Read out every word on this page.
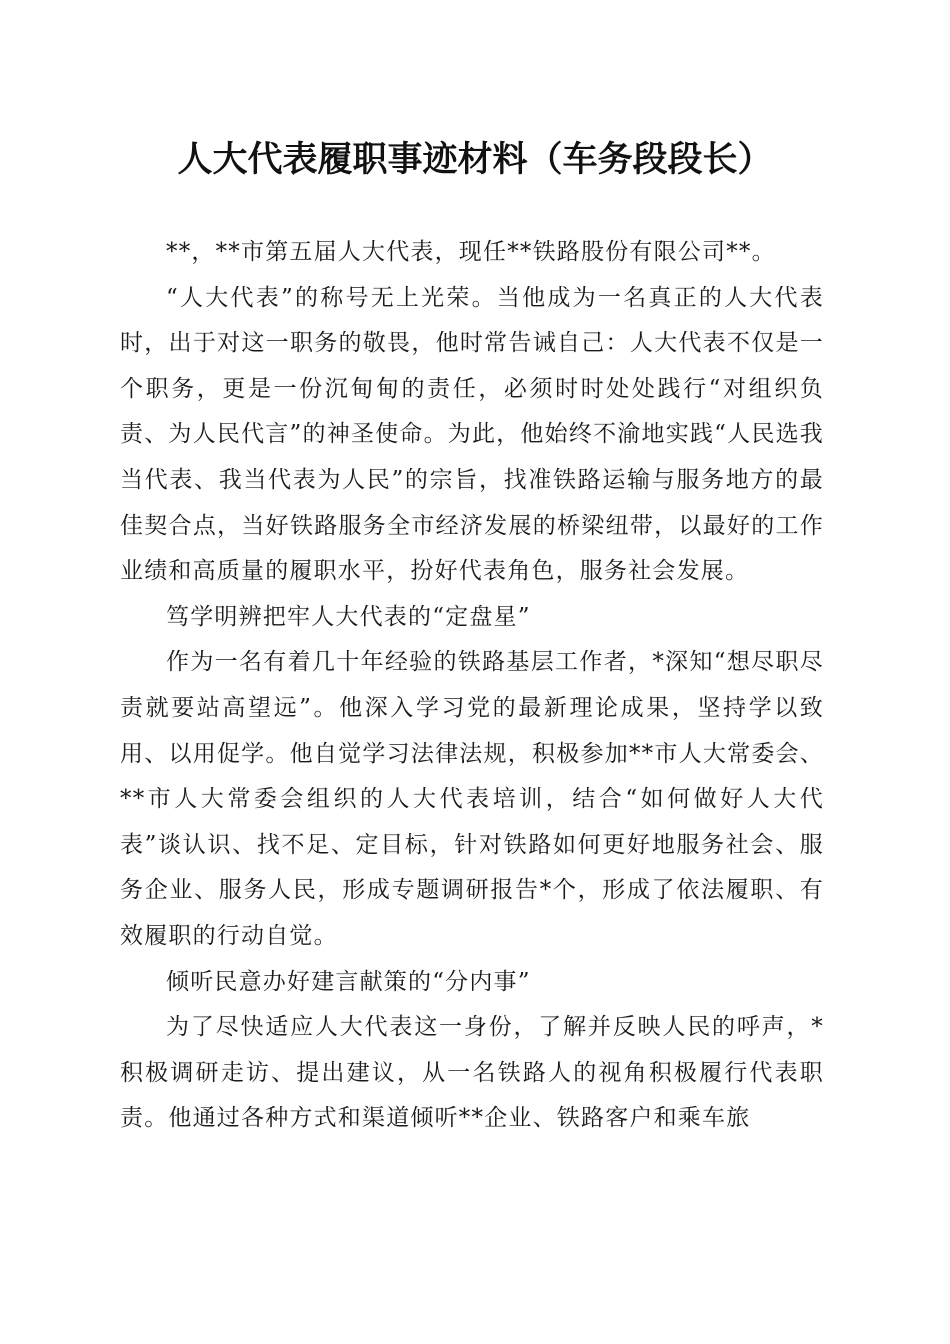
人大代表履职事迹材料（车务段段长）

**，**市第五届人大代表，现任**铁路股份有限公司**。

“人大代表”的称号无上光荣。当他成为一名真正的人大代表时，出于对这一职务的敬畏，他时常告诫自己：人大代表不仅是一个职务，更是一份沉甸甸的责任，必须时时处处践行“对组织负责、为人民代言”的神圣使命。为此，他始终不渝地实践“人民选我当代表、我当代表为人民”的宗旨，找准铁路运输与服务地方的最佳契合点，当好铁路服务全市经济发展的桥梁纽带，以最好的工作业绩和高质量的履职水平，扮好代表角色，服务社会发展。

笃学明辨把牢人大代表的“定盘星”

作为一名有着几十年经验的铁路基层工作者，*深知“想尽职尽责就要站高望远”。他深入学习党的最新理论成果，坚持学以致用、以用促学。他自觉学习法律法规，积极参加**市人大常委会、**市人大常委会组织的人大代表培训，结合“如何做好人大代表”谈认识、找不足、定目标，针对铁路如何更好地服务社会、服务企业、服务人民，形成专题调研报告*个，形成了依法履职、有效履职的行动自觉。

倾听民意办好建言献策的“分内事”

为了尽快适应人大代表这一身份，了解并反映人民的呼声，*积极调研走访、提出建议，从一名铁路人的视角积极履行代表职责。他通过各种方式和渠道倾听**企业、铁路客户和乘车旅
